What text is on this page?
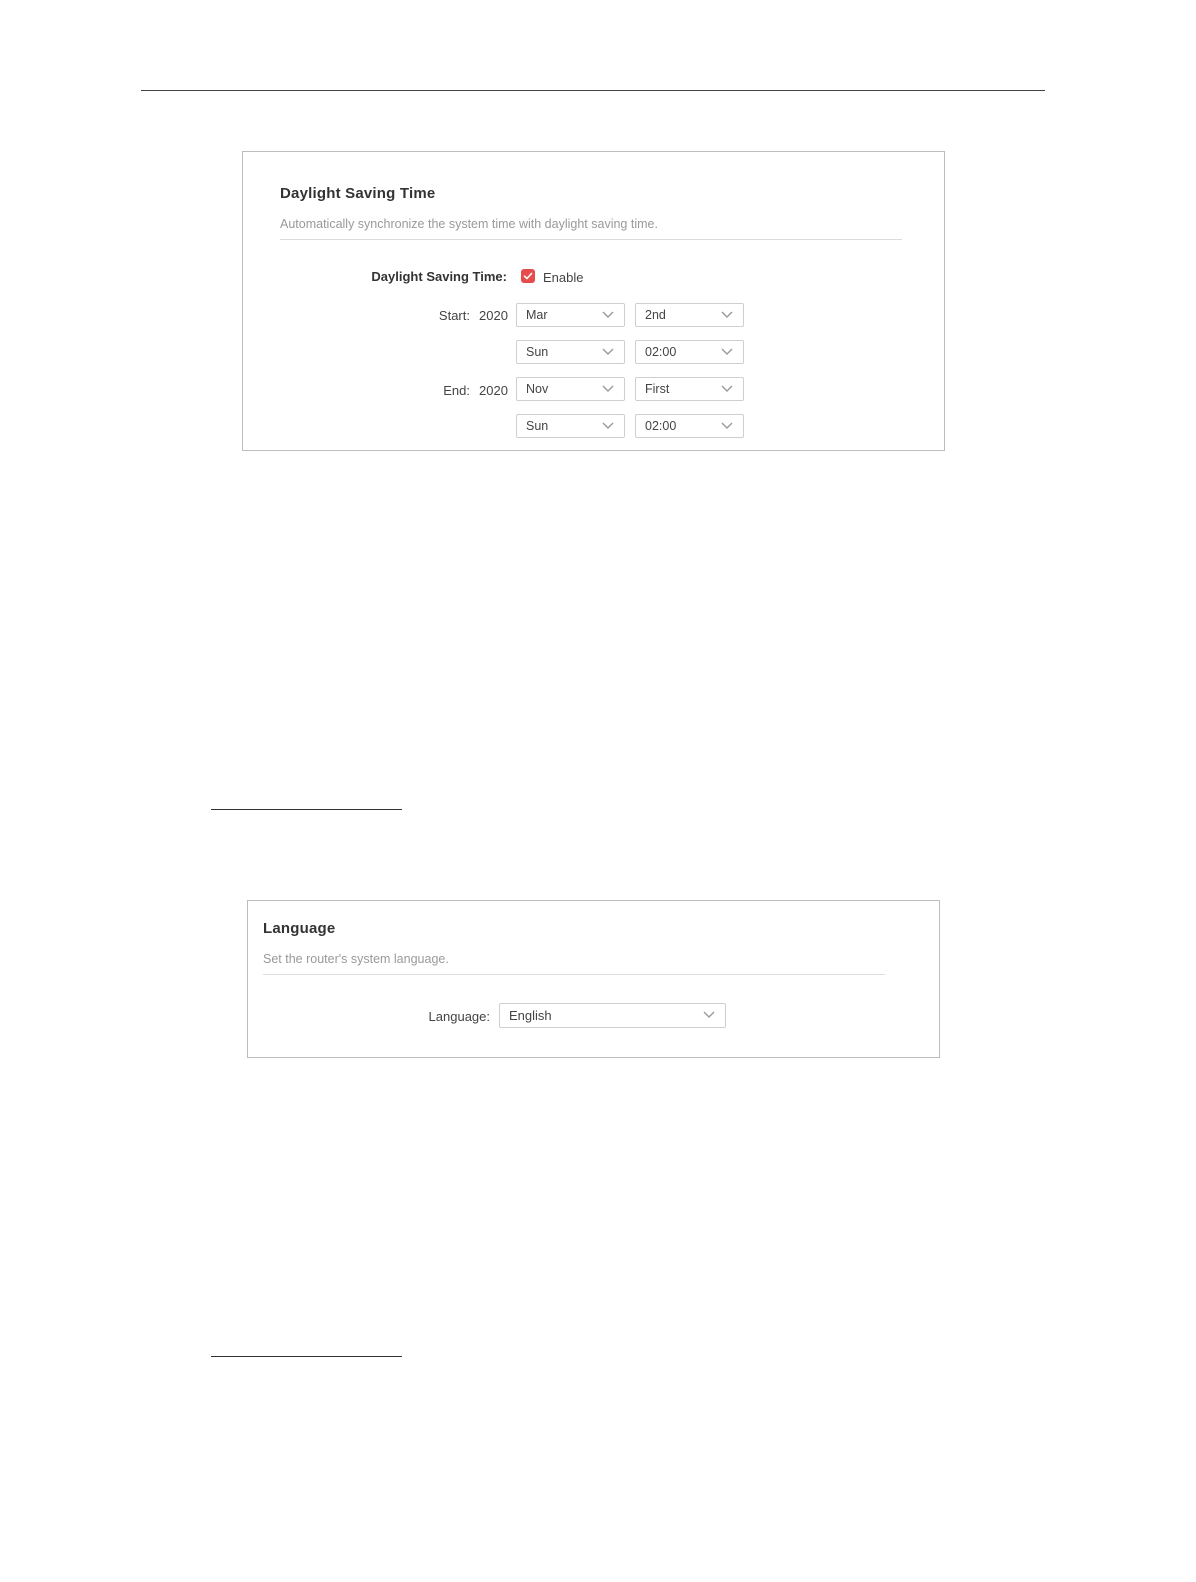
Daylight Saving Time
Automatically synchronize the system time with daylight saving time.
Daylight Saving Time:	Enable
Start: 2020 Mar	2nd
Sun	02:00
End: 2020 Nov	First
Sun	02:00
Language
Set the router's system language.
Language: English
